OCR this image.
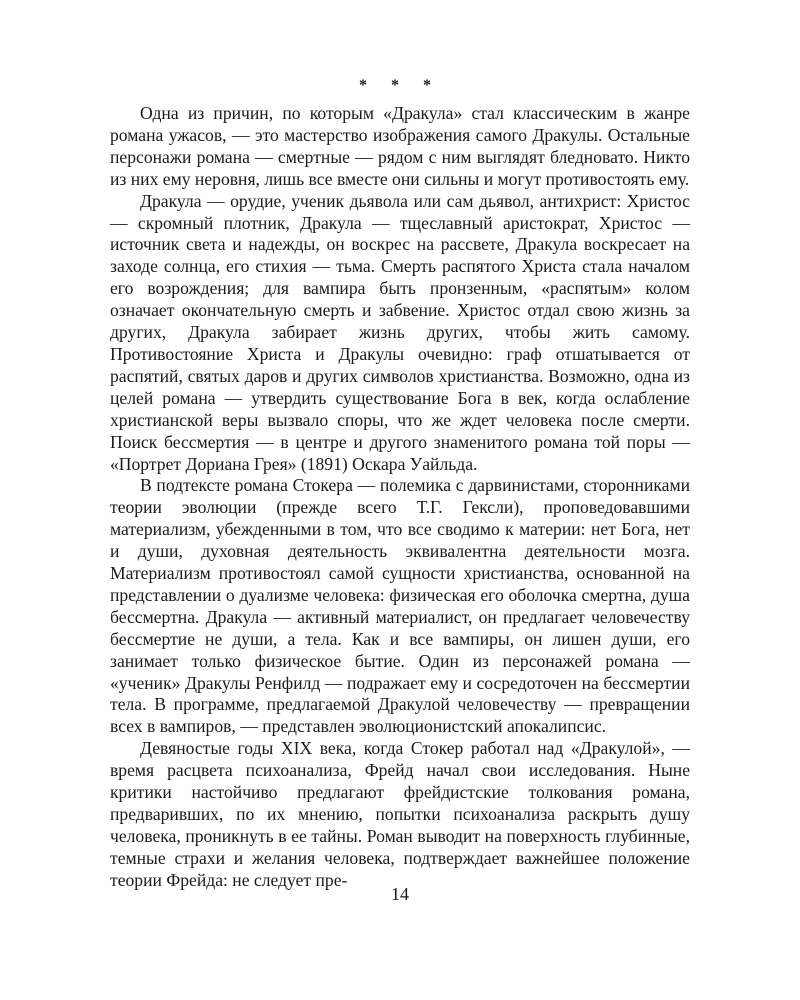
* * *

Одна из причин, по которым «Дракула» стал классическим в жанре романа ужасов, — это мастерство изображения самого Дракулы. Остальные персонажи романа — смертные — рядом с ним выглядят бледновато. Никто из них ему неровня, лишь все вместе они сильны и могут противостоять ему.

Дракула — орудие, ученик дьявола или сам дьявол, антихрист: Христос — скромный плотник, Дракула — тщеславный аристократ, Христос — источник света и надежды, он воскрес на рассвете, Дракула воскресает на заходе солнца, его стихия — тьма. Смерть распятого Христа стала началом его возрождения; для вампира быть пронзенным, «распятым» колом означает окончательную смерть и забвение. Христос отдал свою жизнь за других, Дракула забирает жизнь других, чтобы жить самому. Противостояние Христа и Дракулы очевидно: граф отшатывается от распятий, святых даров и других символов христианства. Возможно, одна из целей романа — утвердить существование Бога в век, когда ослабление христианской веры вызвало споры, что же ждет человека после смерти. Поиск бессмертия — в центре и другого знаменитого романа той поры — «Портрет Дориана Грея» (1891) Оскара Уайльда.

В подтексте романа Стокера — полемика с дарвинистами, сторонниками теории эволюции (прежде всего Т.Г. Гексли), проповедовавшими материализм, убежденными в том, что все сводимо к материи: нет Бога, нет и души, духовная деятельность эквивалентна деятельности мозга. Материализм противостоял самой сущности христианства, основанной на представлении о дуализме человека: физическая его оболочка смертна, душа бессмертна. Дракула — активный материалист, он предлагает человечеству бессмертие не души, а тела. Как и все вампиры, он лишен души, его занимает только физическое бытие. Один из персонажей романа — «ученик» Дракулы Ренфилд — подражает ему и сосредоточен на бессмертии тела. В программе, предлагаемой Дракулой человечеству — превращении всех в вампиров, — представлен эволюционистский апокалипсис.

Девяностые годы XIX века, когда Стокер работал над «Дракулой», — время расцвета психоанализа, Фрейд начал свои исследования. Ныне критики настойчиво предлагают фрейдистские толкования романа, предваривших, по их мнению, попытки психоанализа раскрыть душу человека, проникнуть в ее тайны. Роман выводит на поверхность глубинные, темные страхи и желания человека, подтверждает важнейшее положение теории Фрейда: не следует пре-

14
